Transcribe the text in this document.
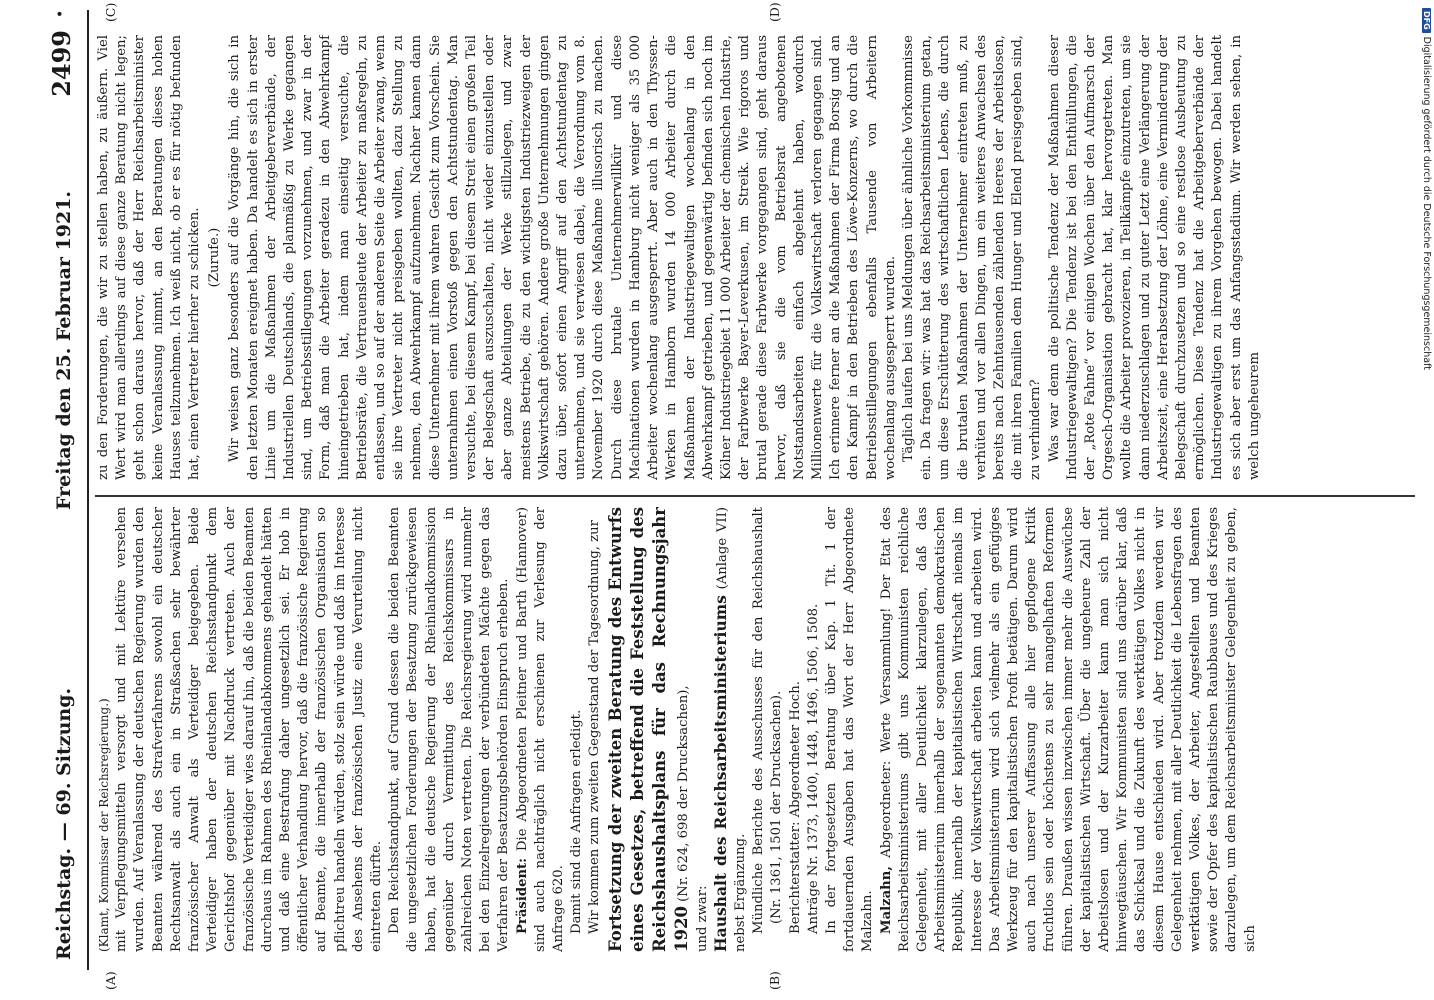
Reichstag. — 69. Sitzung.
Freitag den 25. Februar 1921.
2499
•
(A)	(B)
(C)	(D)

(Klamt, Kommissar der Reichsregierung.) mit Verpflegungsmitteln versorgt und mit Lektüre versehen wurden. Auf Veranlassung der deutschen Regierung wurden den Beamten während des Strafverfahrens sowohl ein deutscher Rechtsanwalt als auch ein in Straßsachen sehr bewährter französischer Anwalt als Verteidiger beigegeben. Beide Verteidiger haben der deutschen Reichsstandpunkt dem Gerichtshof gegenüber mit Nachdruck vertreten. Auch der französische Verteidiger wies darauf hin, daß die beiden Beamten durchaus im Rahmen des Rheinlandabkommens gehandelt hätten und daß eine Bestrafung daher ungesetzlich sei. Er hob in öffentlicher Verhandlung hervor, daß die französische Regierung auf Beamte, die innerhalb der französischen Organisation so pflichtreu handeln würden, stolz sein würde und daß im Interesse des Ansehens der französischen Justiz eine Verurteilung nicht eintreten dürfte. Den Reichsstandpunkt, auf Grund dessen die beiden Beamten die ungesetzlichen Forderungen der Besatzung zurückgewiesen haben, hat die deutsche Regierung der Rheinlandkommission gegenüber durch Vermittlung des Reichskommissars in zahlreichen Noten vertreten. Die Reichsregierung wird nunmehr bei den Einzelregierungen der verbündeten Mächte gegen das Verfahren der Besatzungsbehörden Einspruch erheben. Präsident: Die Abgeordneten Pleitner und Barth (Hannover) sind auch nachträglich nicht erschienen zur Verlesung der Anfrage 620. Damit sind die Anfragen erledigt. Wir kommen zum zweiten Gegenstand der Tagesordnung, zur Fortsetzung der zweiten Beratung des Entwurfs eines Gesetzes, betreffend die Feststellung des Reichshaushaltsplans für das Rechnungsjahr 1920 (Nr. 624, 698 der Drucksachen),

und zwar: Haushalt des Reichsarbeitsministeriums (Anlage VII) nebst Ergänzung. Mündliche Berichte des Ausschusses für den Reichshaushalt (Nr. 1361, 1501 der Drucksachen). Berichterstatter: Abgeordneter Hoch. Anträge Nr. 1373, 1400, 1448, 1496, 1506, 1508. In der fortgesetzten Beratung über Kap. 1 Tit. 1 der fortdauernden Ausgaben hat das Wort der Herr Abgeordnete Malzahn. Malzahn, Abgeordneter: Werte Versammlung! Der Etat des Reichsarbeitsministeriums gibt uns Kommunisten reichliche Gelegenheit, mit aller Deutlichkeit klarzulegen, daß das Arbeitsministerium innerhalb der sogenannten demokratischen Republik, innerhalb der kapitalistischen Wirtschaft niemals im Interesse der Volkswirtschaft arbeiten kann und arbeiten wird. Das Arbeitsministerium wird sich vielmehr als ein gefügiges Werkzeug für den kapitalistischen Profit betätigen. Darum wird auch nach unserer Auffassung alle hier gepflogene Kritik fruchtlos sein oder höchstens zu sehr mangelhaften Reformen führen. Draußen wissen inzwischen immer mehr die Auswüchse der kapitalistischen Wirtschaft. Über die ungeheure Zahl der Arbeitslosen und der Kurzarbeiter kann man sich nicht hinwegtäuschen. Wir Kommunisten sind uns darüber klar, daß das Schicksal und die Zukunft des werktätigen Volkes nicht in diesem Hause entschieden wird. Aber trotzdem werden wir Gelegenheit nehmen, mit aller Deutlichkeit die Lebensfragen des werktätigen Volkes, der Arbeiter, Angestellten und Beamten sowie der Opfer des kapitalistischen Raubbaues und des Krieges darzulegen, um dem Reichsarbeitsminister Gelegenheit zu geben, sich

zu den Forderungen, die wir zu stellen haben, zu äußern. Viel Wert wird man allerdings auf diese ganze Beratung nicht legen; geht schon daraus hervor, daß der Herr Reichsarbeitsminister keine Veranlassung nimmt, an den Beratungen dieses hohen Hauses teilzunehmen. Ich weiß nicht, ob er es für nötig befunden hat, einen Vertreter hierher zu schicken. (Zurufe.) Wir weisen ganz besonders auf die Vorgänge hin, die sich in den letzten Monaten ereignet haben. Da handelt es sich in erster Linie um die Maßnahmen der Arbeitgeberverbände, der Industriellen Deutschlands, die planmäßig zu Werke gegangen sind, um Betriebsstillegungen vorzunehmen, und zwar in der Form, daß man die Arbeiter geradezu in den Abwehrkampf hineingetrieben hat, indem man einseitig versuchte, die Betriebsräte, die Vertrauensleute der Arbeiter zu maßregeln, zu entlassen, und so auf der anderen Seite die Arbeiter zwang, wenn sie ihre Vertreter nicht preisgeben wollten, dazu Stellung zu nehmen, den Abwehrkampf aufzunehmen. Nachher kamen dann diese Unternehmer mit ihrem wahren Gesicht zum Vorschein. Sie unternahmen einen Vorstoß gegen den Achtstundentag. Man versuchte, bei diesem Kampf, bei diesem Streit einen großen Teil der Belegschaft auszuschalten, nicht wieder einzustellen oder aber ganze Abteilungen der Werke stillzulegen, und zwar meistens Betriebe, die zu den wichtigsten Industriezweigen der Volkswirtschaft gehören. Andere große Unternehmungen gingen dazu über, sofort einen Angriff auf den Achtstundentag zu unternehmen, und sie verwiesen dabei, die Verordnung vom 8. November 1920 durch diese Maßnahme illusorisch zu machen. Durch diese brutale Unternehmerwillkür und diese Machinationen wurden in Hamburg nicht weniger als 35 000 Arbeiter wochenlang ausgesperrt. Aber auch in den Thyssen-Werken in Hamborn wurden 14 000 Arbeiter durch die Maßnahmen der Industriegewaltigen wochenlang in den Abwehrkampf getrieben, und gegenwärtig befinden sich noch im Kölner Industriegebiet 11 000 Arbeiter der chemischen Industrie, der Farbwerke Bayer-Leverkusen, im Streik. Wie rigoros und brutal gerade diese Farbwerke vorgegangen sind, geht daraus hervor, daß sie die vom Betriebsrat angebotenen Notstandsarbeiten einfach abgelehnt haben, wodurch Millionenwerte für die Volkswirtschaft verloren gegangen sind. Ich erinnere ferner an die Maßnahmen der Firma Borsig und an den Kampf in den Betrieben des Löwe-Konzerns, wo durch die Betriebsstillegungen ebenfalls Tausende von Arbeitern wochenlang ausgesperrt wurden. Täglich laufen bei uns Meldungen über ähnliche Vorkommnisse ein. Da fragen wir: was hat das Reichsarbeitsministerium getan, um diese Erschütterung des wirtschaftlichen Lebens, die durch die brutalen Maßnahmen der Unternehmer eintreten muß, zu verhüten und vor allen Dingen, um ein weiteres Anwachsen des bereits nach Zehntausenden zählenden Heeres der Arbeitslosen, die mit ihren Familien dem Hunger und Elend preisgegeben sind, zu verhindern? Was war denn die politische Tendenz der Maßnahmen dieser Industriegewaltigen? Die Tendenz ist bei den Enthüllungen, die der „Rote Fahne“ vor einigen Wochen über den Aufmarsch der Orgesch-Organisation gebracht hat, klar hervorgetreten. Man wollte die Arbeiter provozieren, in Teilkämpfe einzutreten, um sie dann niederzuschlagen und zu guter Letzt eine Verlängerung der Arbeitszeit, eine Herabsetzung der Löhne, eine Verminderung der Belegschaft durchzusetzen und so eine restlose Ausbeutung zu ermöglichen. Diese Tendenz hat die Arbeitgeberverbände der Industriegewaltigen zu ihrem Vorgehen bewogen. Dabei handelt es sich aber erst um das Anfangsstadium. Wir werden sehen, in welch ungeheurem

DFGDigitalisierung gefördert durch die Deutsche Forschungsgemeinschaft
